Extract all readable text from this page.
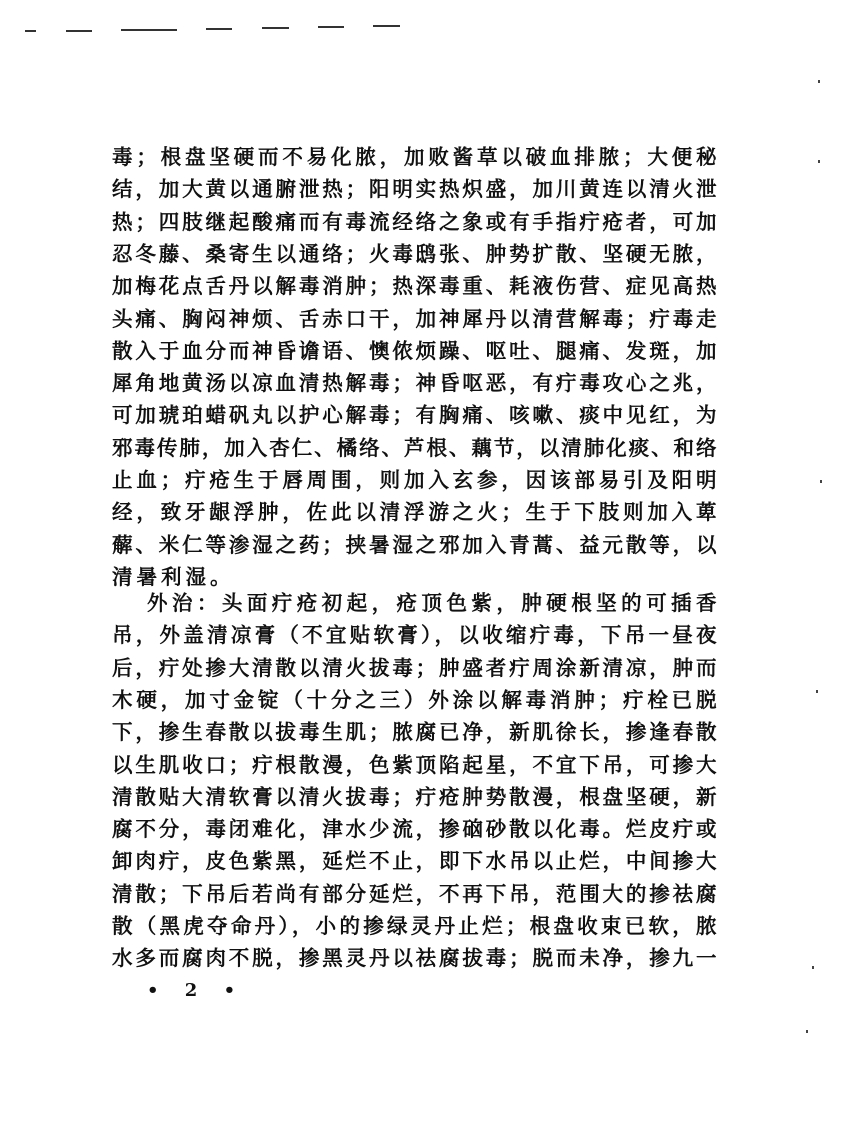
毒；根盘坚硬而不易化脓，加败酱草以破血排脓；大便秘
结，加大黄以通腑泄热；阳明实热炽盛，加川黄连以清火泄
热；四肢继起酸痛而有毒流经络之象或有手指疔疮者，可加
忍冬藤、桑寄生以通络；火毒鸱张、肿势扩散、坚硬无脓，
加梅花点舌丹以解毒消肿；热深毒重、耗液伤营、症见高热
头痛、胸闷神烦、舌赤口干，加神犀丹以清营解毒；疔毒走
散入于血分而神昏谵语、懊侬烦躁、呕吐、腿痛、发斑，加
犀角地黄汤以凉血清热解毒；神昏呕恶，有疔毒攻心之兆，
可加琥珀蜡矾丸以护心解毒；有胸痛、咳嗽、痰中见红，为
邪毒传肺，加入杏仁、橘络、芦根、藕节，以清肺化痰、和络
止血；疔疮生于唇周围，则加入玄参，因该部易引及阳明
经，致牙龈浮肿，佐此以清浮游之火；生于下肢则加入萆
薢、米仁等渗湿之药；挟暑湿之邪加入青蒿、益元散等，以
清暑利湿。
外治：头面疔疮初起，疮顶色紫，肿硬根坚的可插香
吊，外盖清凉膏（不宜贴软膏），以收缩疔毒，下吊一昼夜
后，疔处掺大清散以清火拔毒；肿盛者疔周涂新清凉，肿而
木硬，加寸金锭（十分之三）外涂以解毒消肿；疔栓已脱
下，掺生春散以拔毒生肌；脓腐已净，新肌徐长，掺逢春散
以生肌收口；疔根散漫，色紫顶陷起星，不宜下吊，可掺大
清散贴大清软膏以清火拔毒；疔疮肿势散漫，根盘坚硬，新
腐不分，毒闭难化，津水少流，掺硇砂散以化毒。烂皮疔或
卸肉疔，皮色紫黑，延烂不止，即下水吊以止烂，中间掺大
清散；下吊后若尚有部分延烂，不再下吊，范围大的掺祛腐
散（黑虎夺命丹），小的掺绿灵丹止烂；根盘收束已软，脓
水多而腐肉不脱，掺黑灵丹以祛腐拔毒；脱而未净，掺九一
• 2 •
